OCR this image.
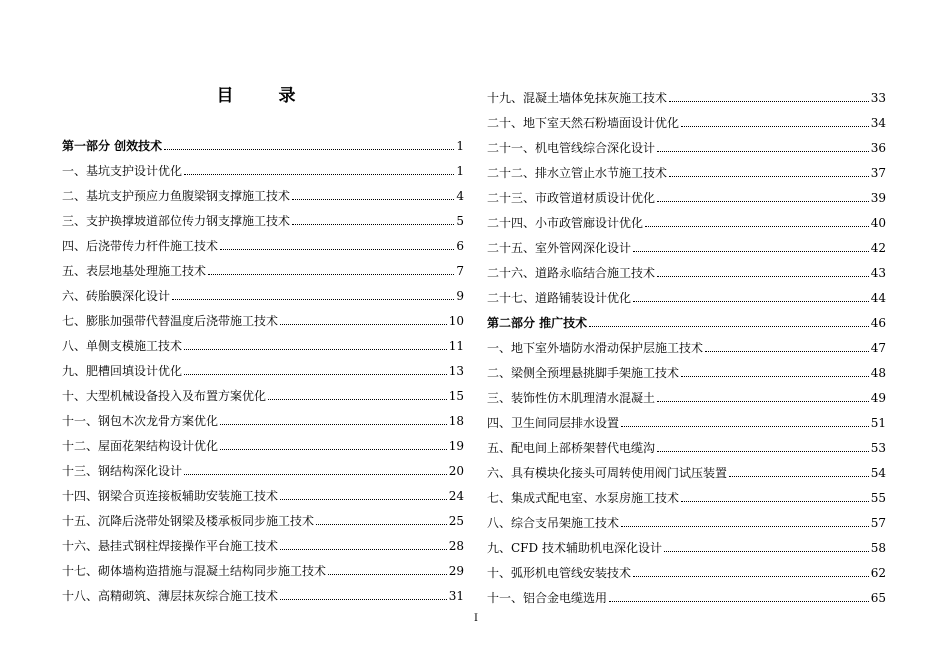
目　录
第一部分 创效技术	1
一、基坑支护设计优化	1
二、基坑支护预应力鱼腹梁钢支撑施工技术	4
三、支护换撑坡道部位传力钢支撑施工技术	5
四、后浇带传力杆件施工技术	6
五、表层地基处理施工技术	7
六、砖胎膜深化设计	9
七、膨胀加强带代替温度后浇带施工技术	10
八、单侧支模施工技术	11
九、肥槽回填设计优化	13
十、大型机械设备投入及布置方案优化	15
十一、钢包木次龙骨方案优化	18
十二、屋面花架结构设计优化	19
十三、钢结构深化设计	20
十四、钢梁合页连接板辅助安装施工技术	24
十五、沉降后浇带处钢梁及楼承板同步施工技术	25
十六、悬挂式钢柱焊接操作平台施工技术	28
十七、砌体墙构造措施与混凝土结构同步施工技术	29
十八、高精砌筑、薄层抹灰综合施工技术	31
十九、混凝土墙体免抹灰施工技术	33
二十、地下室天然石粉墙面设计优化	34
二十一、机电管线综合深化设计	36
二十二、排水立管止水节施工技术	37
二十三、市政管道材质设计优化	39
二十四、小市政管廊设计优化	40
二十五、室外管网深化设计	42
二十六、道路永临结合施工技术	43
二十七、道路铺装设计优化	44
第二部分 推广技术	46
一、地下室外墙防水滑动保护层施工技术	47
二、梁侧全预埋悬挑脚手架施工技术	48
三、装饰性仿木肌理清水混凝土	49
四、卫生间同层排水设置	51
五、配电间上部桥架替代电缆沟	53
六、具有模块化接头可周转使用阀门试压装置	54
七、集成式配电室、水泵房施工技术	55
八、综合支吊架施工技术	57
九、CFD 技术辅助机电深化设计	58
十、弧形机电管线安装技术	62
十一、铝合金电缆选用	65
I
